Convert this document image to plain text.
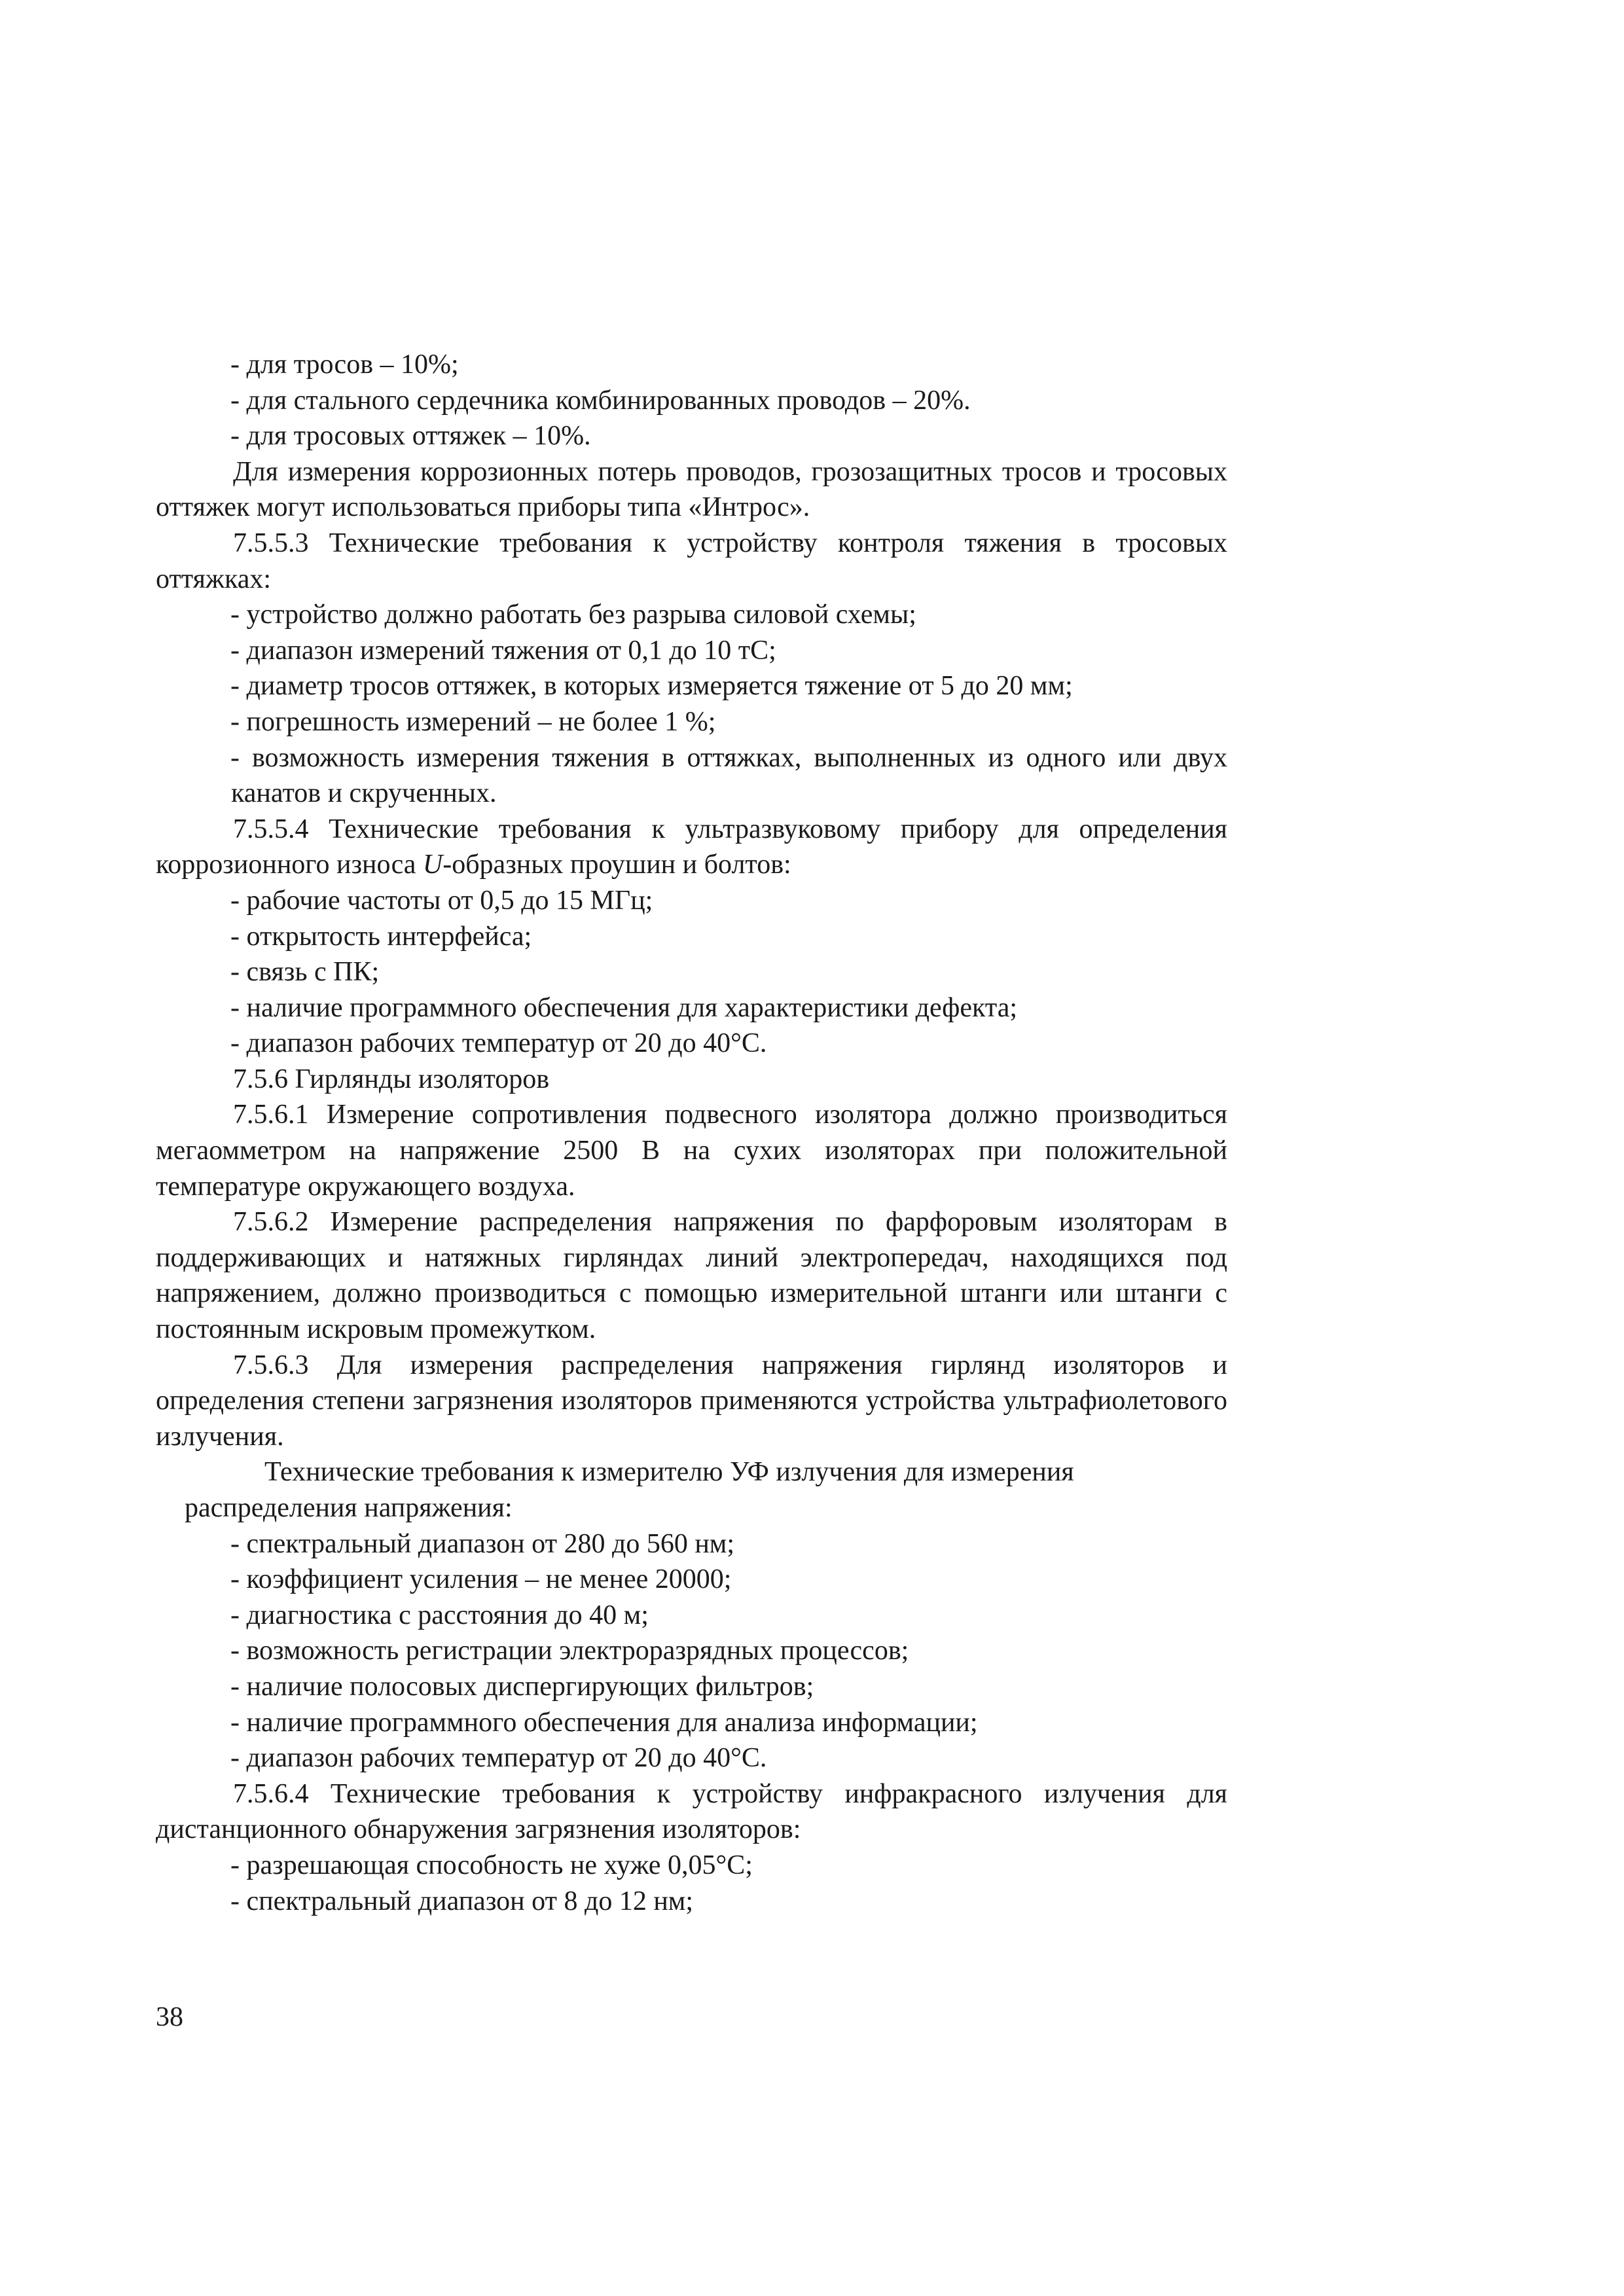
- для тросов – 10%;

- для стального сердечника комбинированных проводов – 20%.

- для тросовых оттяжек – 10%.

Для измерения коррозионных потерь проводов, грозозащитных тросов и тросовых оттяжек могут использоваться приборы типа «Интрос».

7.5.5.3 Технические требования к устройству контроля тяжения в тросовых оттяжках:

- устройство должно работать без разрыва силовой схемы;

- диапазон измерений тяжения от 0,1 до 10 тС;

- диаметр тросов оттяжек, в которых измеряется тяжение от 5 до 20 мм;

- погрешность измерений – не более 1 %;

- возможность измерения тяжения в оттяжках, выполненных из одного или двух канатов и скрученных.

7.5.5.4 Технические требования к ультразвуковому прибору для определения коррозионного износа U-образных проушин и болтов:

- рабочие частоты от 0,5 до 15 МГц;

- открытость интерфейса;

- связь с ПК;

- наличие программного обеспечения для характеристики дефекта;

- диапазон рабочих температур от 20 до 40°С.

7.5.6 Гирлянды изоляторов

7.5.6.1 Измерение сопротивления подвесного изолятора должно производиться мегаомметром на напряжение 2500 В на сухих изоляторах при положительной температуре окружающего воздуха.

7.5.6.2 Измерение распределения напряжения по фарфоровым изоляторам в поддерживающих и натяжных гирляндах линий электропередач, находящихся под напряжением, должно производиться с помощью измерительной штанги или штанги с постоянным искровым промежутком.

7.5.6.3 Для измерения распределения напряжения гирлянд изоляторов и определения степени загрязнения изоляторов применяются устройства ультрафиолетового излучения.

Технические требования к измерителю УФ излучения для измерения

распределения напряжения:

- спектральный диапазон от 280 до 560 нм;

- коэффициент усиления – не менее 20000;

- диагностика с расстояния до 40 м;

- возможность регистрации электроразрядных процессов;

- наличие полосовых диспергирующих фильтров;

- наличие программного обеспечения для анализа информации;

- диапазон рабочих температур от 20 до 40°С.

7.5.6.4 Технические требования к устройству инфракрасного излучения для дистанционного обнаружения загрязнения изоляторов:

- разрешающая способность не хуже 0,05°С;

- спектральный диапазон от 8 до 12 нм;

38
